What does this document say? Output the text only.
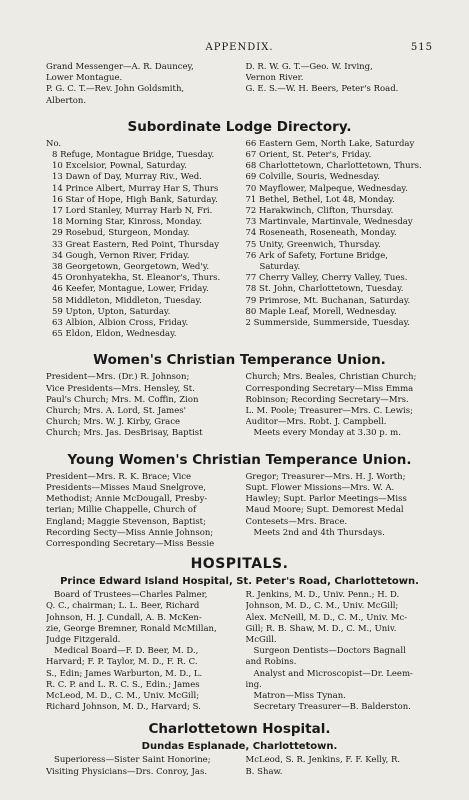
APPENDIX.	515
Grand Messenger—A. R. Dauncey,
Lower Montague.
P. G. C. T.—Rev. John Goldsmith,
Alberton.
D. R. W. G. T.—Geo. W. Irving,
Vernon River.
G. E. S.—W. H. Beers, Peter's Road.
Subordinate Lodge Directory.
No.
8 Refuge, Montague Bridge, Tuesday.
10 Excelsior, Pownal, Saturday.
13 Dawn of Day, Murray Riv., Wed.
14 Prince Albert, Murray Har S, Thurs
16 Star of Hope, High Bank, Saturday.
17 Lord Stanley, Murray Harb N, Fri.
18 Morning Star, Kinross, Monday.
29 Rosebud, Sturgeon, Monday.
33 Great Eastern, Red Point, Thursday
34 Gough, Vernon River, Friday.
38 Georgetown, Georgetown, Wed'y.
45 Oronhyatekha, St. Eleanor's, Thurs.
46 Keefer, Montague, Lower, Friday.
58 Middleton, Middleton, Tuesday.
59 Upton, Upton, Saturday.
63 Albion, Albion Cross, Friday.
65 Eldon, Eldon, Wednesday.
66 Eastern Gem, North Lake, Saturday
67 Orient, St. Peter's, Friday.
68 Charlottetown, Charlottetown, Thurs.
69 Colville, Souris, Wednesday.
70 Mayflower, Malpeque, Wednesday.
71 Bethel, Bethel, Lot 48, Monday.
72 Harakwinch, Clifton, Thursday.
73 Martinvale, Martinvale, Wednesday
74 Roseneath, Roseneath, Monday.
75 Unity, Greenwich, Thursday.
76 Ark of Safety, Fortune Bridge,
Saturday.
77 Cherry Valley, Cherry Valley, Tues.
78 St. John, Charlottetown, Tuesday.
79 Primrose, Mt. Buchanan, Saturday.
80 Maple Leaf, Morell, Wednesday.
2 Summerside, Summerside, Tuesday.
Women's Christian Temperance Union.
President—Mrs. (Dr.) R. Johnson;
Vice Presidents—Mrs. Hensley, St.
Paul's Church; Mrs. M. Coffin, Zion
Church; Mrs. A. Lord, St. James'
Church; Mrs. W. J. Kirby, Grace
Church; Mrs. Jas. DesBrisay, Baptist
Church; Mrs. Beales, Christian Church;
Corresponding Secretary—Miss Emma
Robinson; Recording Secretary—Mrs.
L. M. Poole; Treasurer—Mrs. C. Lewis;
Auditor—Mrs. Robt. J. Campbell.
Meets every Monday at 3.30 p. m.
Young Women's Christian Temperance Union.
President—Mrs. R. K. Brace; Vice
Presidents—Misses Maud Snelgrove,
Methodist; Annie McDougall, Presby-
terian; Millie Chappelle, Church of
England; Maggie Stevenson, Baptist;
Recording Secty—Miss Annie Johnson;
Corresponding Secretary—Miss Bessie
Gregor; Treasurer—Mrs. H. J. Worth;
Supt. Flower Missions—Mrs. W. A.
Hawley; Supt. Parlor Meetings—Miss
Maud Moore; Supt. Demorest Medal
Contesets—Mrs. Brace.
Meets 2nd and 4th Thursdays.
HOSPITALS.
Prince Edward Island Hospital, St. Peter's Road, Charlottetown.
Board of Trustees—Charles Palmer,
Q. C., chairman; L. L. Beer, Richard
Johnson, H. J. Cundall, A. B. McKen-
zie, George Bremner, Ronald McMillan,
Judge Fitzgerald.
Medical Board—F. D. Beer, M. D.,
Harvard; F. P. Taylor, M. D., F. R. C.
S., Edin; James Warburton, M. D., L.
R. C. P. and L. R. C. S., Edin.; James
McLeod, M. D., C. M., Univ. McGill;
Richard Johnson, M. D., Harvard; S.
R. Jenkins, M. D., Univ. Penn.; H. D.
Johnson, M. D., C. M., Univ. McGill;
Alex. McNeill, M. D., C. M., Univ. Mc-
Gill; R. B. Shaw, M. D., C. M., Univ.
McGill.
Surgeon Dentists—Doctors Bagnall
and Robins.
Analyst and Microscopist—Dr. Leem-
ing.
Matron—Miss Tynan.
Secretary Treasurer—B. Balderston.
Charlottetown Hospital.
Dundas Esplanade, Charlottetown.
Superioress—Sister Saint Honorine;
Visiting Physicians—Drs. Conroy, Jas.
McLeod, S. R. Jenkins, F. F. Kelly, R.
B. Shaw.
